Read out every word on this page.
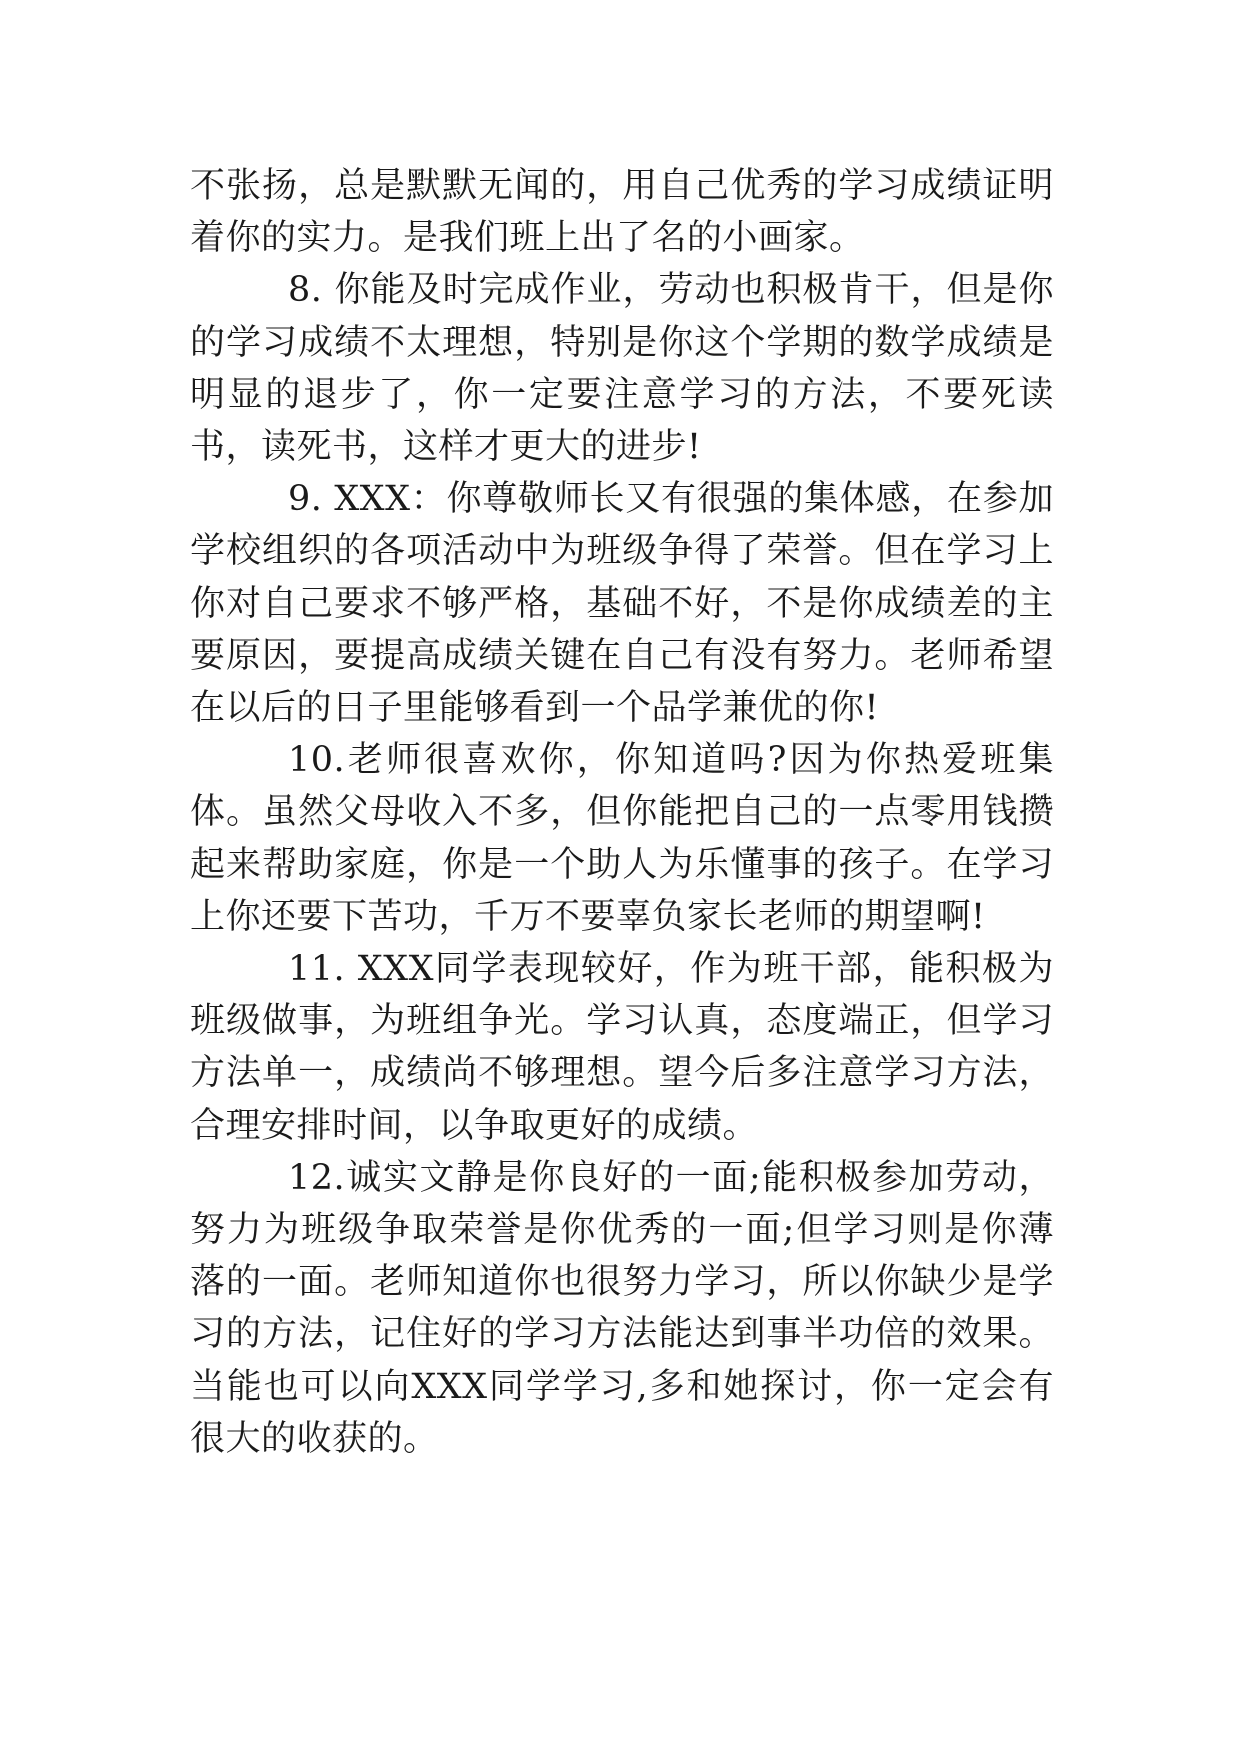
不张扬，总是默默无闻的，用自己优秀的学习成绩证明着你的实力。是我们班上出了名的小画家。

8. 你能及时完成作业，劳动也积极肯干，但是你的学习成绩不太理想，特别是你这个学期的数学成绩是明显的退步了，你一定要注意学习的方法，不要死读书，读死书，这样才更大的进步!

9. XXX：你尊敬师长又有很强的集体感，在参加学校组织的各项活动中为班级争得了荣誉。但在学习上你对自己要求不够严格，基础不好，不是你成绩差的主要原因，要提高成绩关键在自己有没有努力。老师希望在以后的日子里能够看到一个品学兼优的你!

10.老师很喜欢你，你知道吗?因为你热爱班集体。虽然父母收入不多，但你能把自己的一点零用钱攒起来帮助家庭，你是一个助人为乐懂事的孩子。在学习上你还要下苦功，千万不要辜负家长老师的期望啊!

11. XXX同学表现较好，作为班干部，能积极为班级做事，为班组争光。学习认真，态度端正，但学习方法单一，成绩尚不够理想。望今后多注意学习方法，合理安排时间，以争取更好的成绩。

12.诚实文静是你良好的一面;能积极参加劳动，努力为班级争取荣誉是你优秀的一面;但学习则是你薄落的一面。老师知道你也很努力学习，所以你缺少是学习的方法，记住好的学习方法能达到事半功倍的效果。当能也可以向XXX同学学习,多和她探讨，你一定会有很大的收获的。
